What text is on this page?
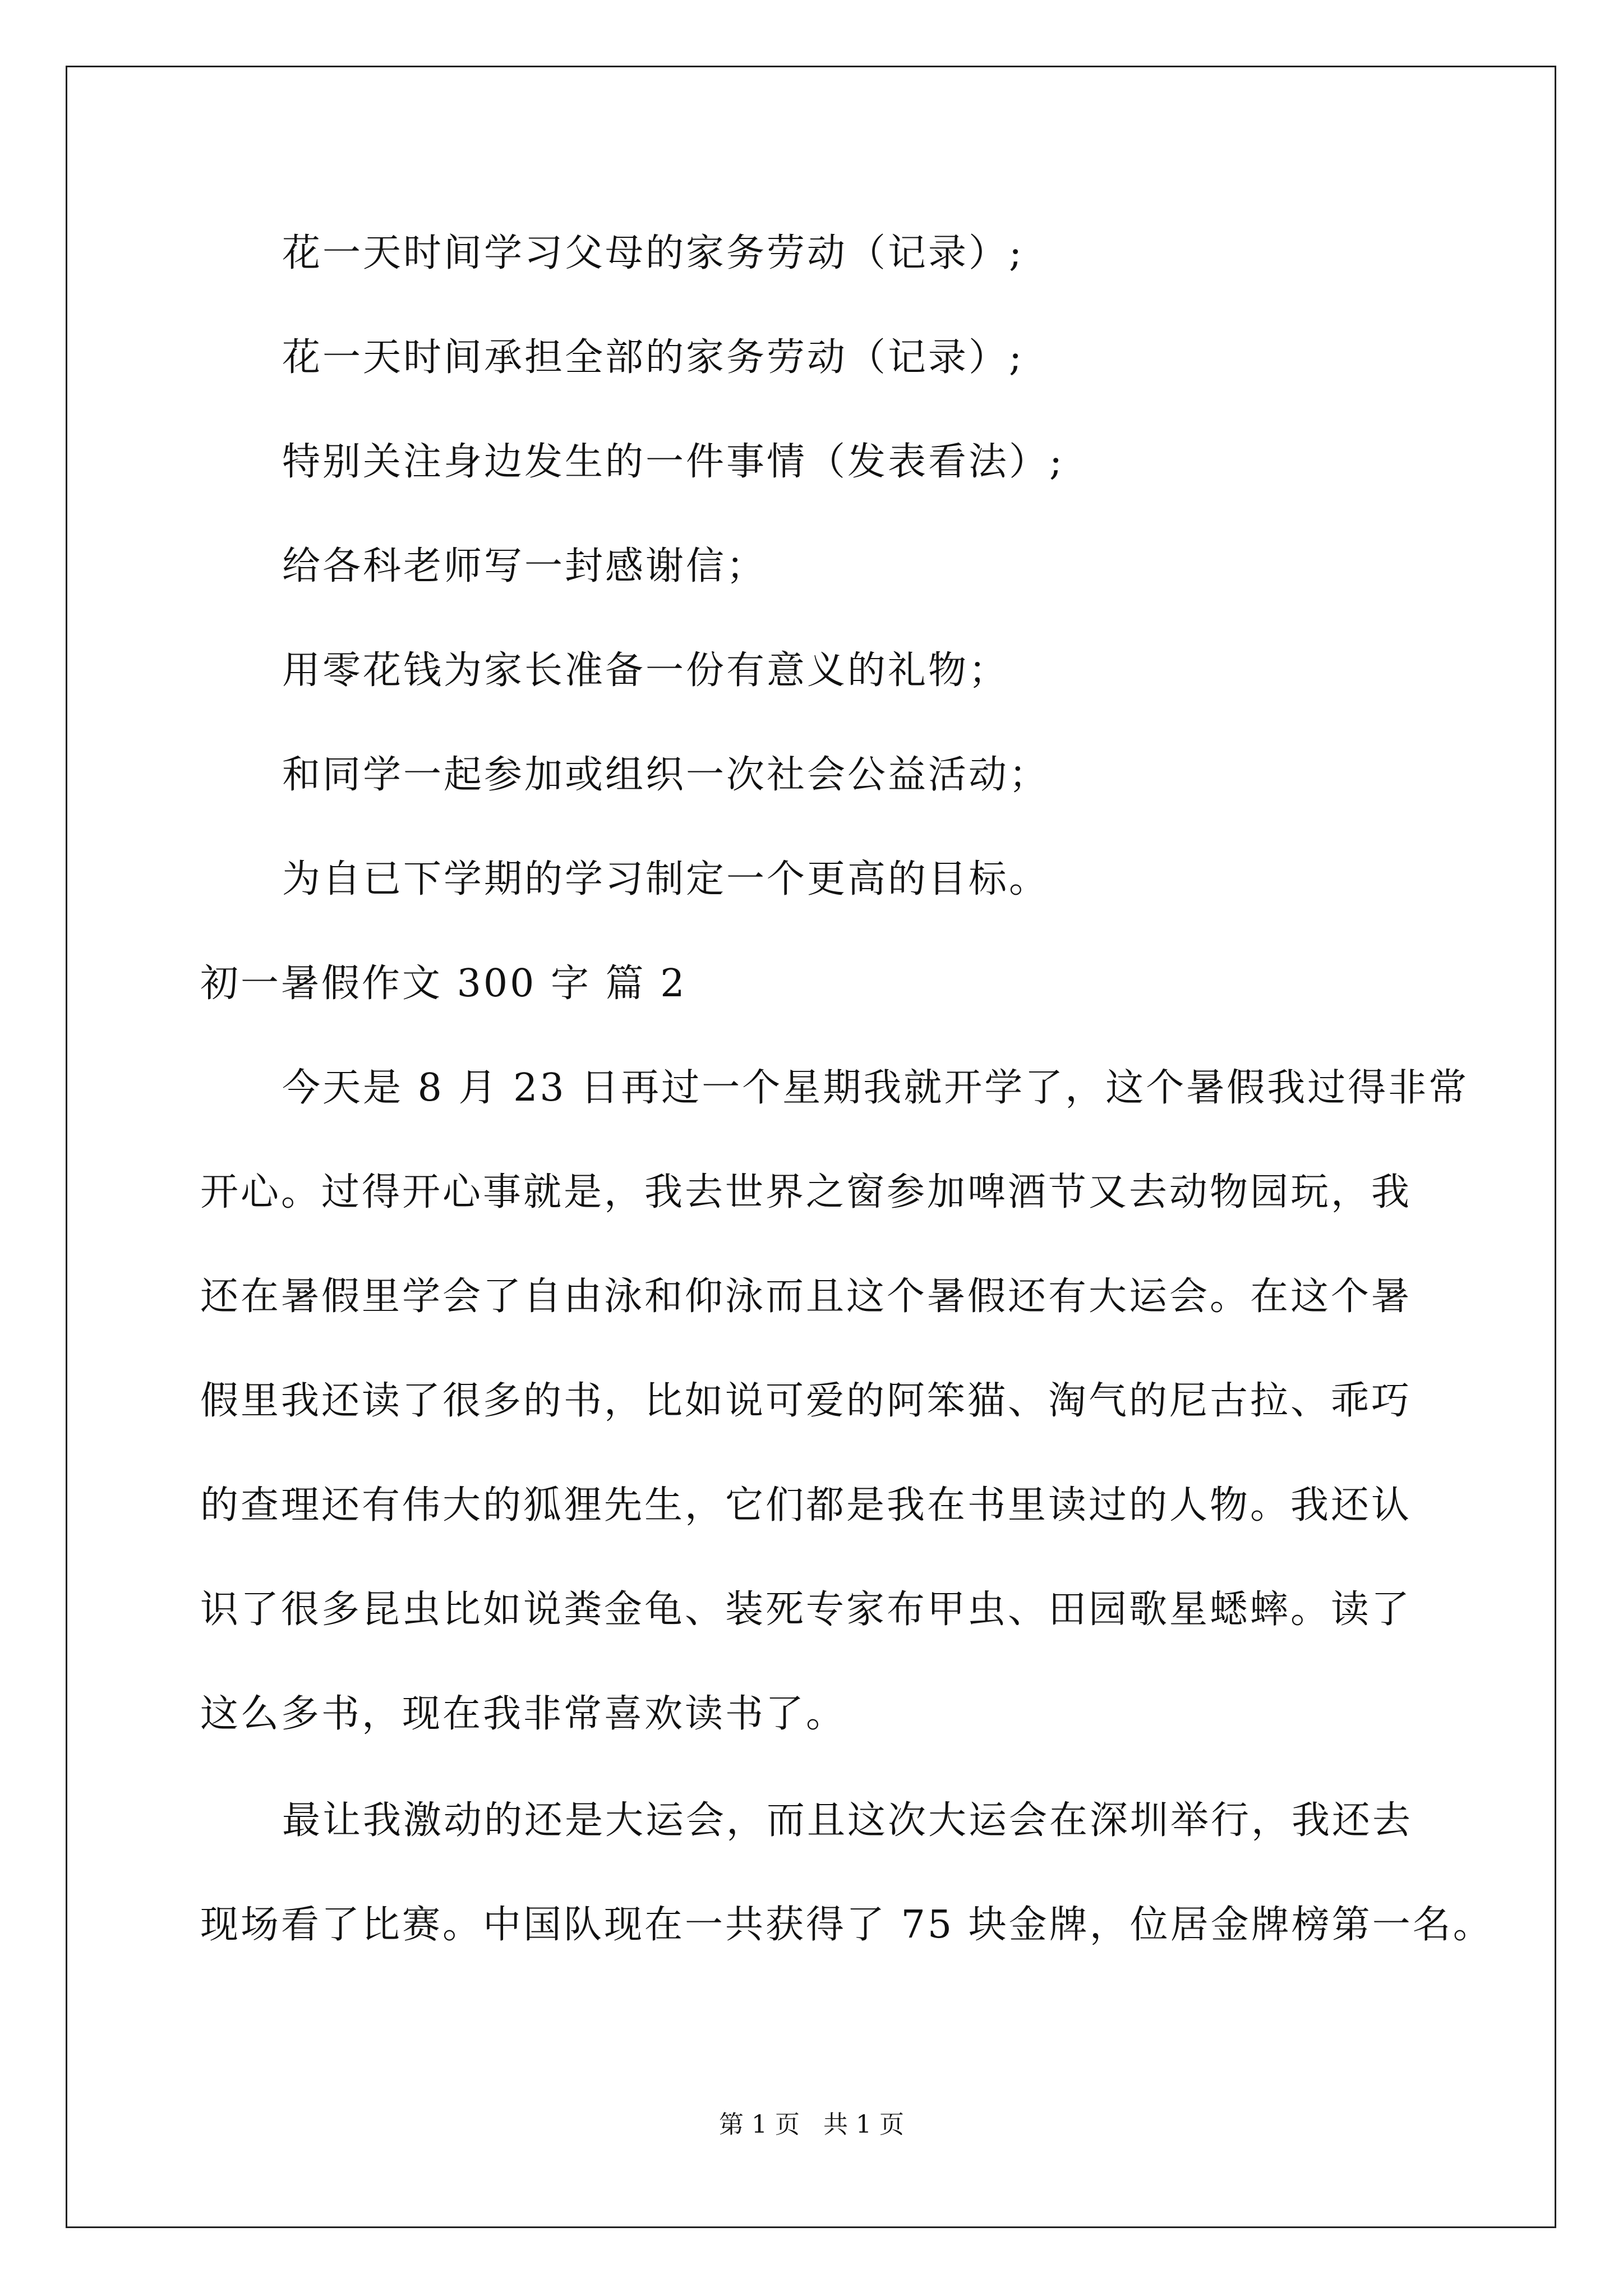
花一天时间学习父母的家务劳动（记录）;

花一天时间承担全部的家务劳动（记录）;

特别关注身边发生的一件事情（发表看法）;

给各科老师写一封感谢信；

用零花钱为家长准备一份有意义的礼物；

和同学一起参加或组织一次社会公益活动；

为自已下学期的学习制定一个更高的目标。

初一暑假作文 300 字 篇 2

今天是 8 月 23 日再过一个星期我就开学了，这个暑假我过得非常

开心。过得开心事就是，我去世界之窗参加啤酒节又去动物园玩，我

还在暑假里学会了自由泳和仰泳而且这个暑假还有大运会。在这个暑

假里我还读了很多的书，比如说可爱的阿笨猫、淘气的尼古拉、乖巧

的查理还有伟大的狐狸先生，它们都是我在书里读过的人物。我还认

识了很多昆虫比如说粪金龟、装死专家布甲虫、田园歌星蟋蟀。读了

这么多书，现在我非常喜欢读书了。

最让我激动的还是大运会，而且这次大运会在深圳举行，我还去

现场看了比赛。中国队现在一共获得了 75 块金牌，位居金牌榜第一名。

第 1 页 共 1 页
